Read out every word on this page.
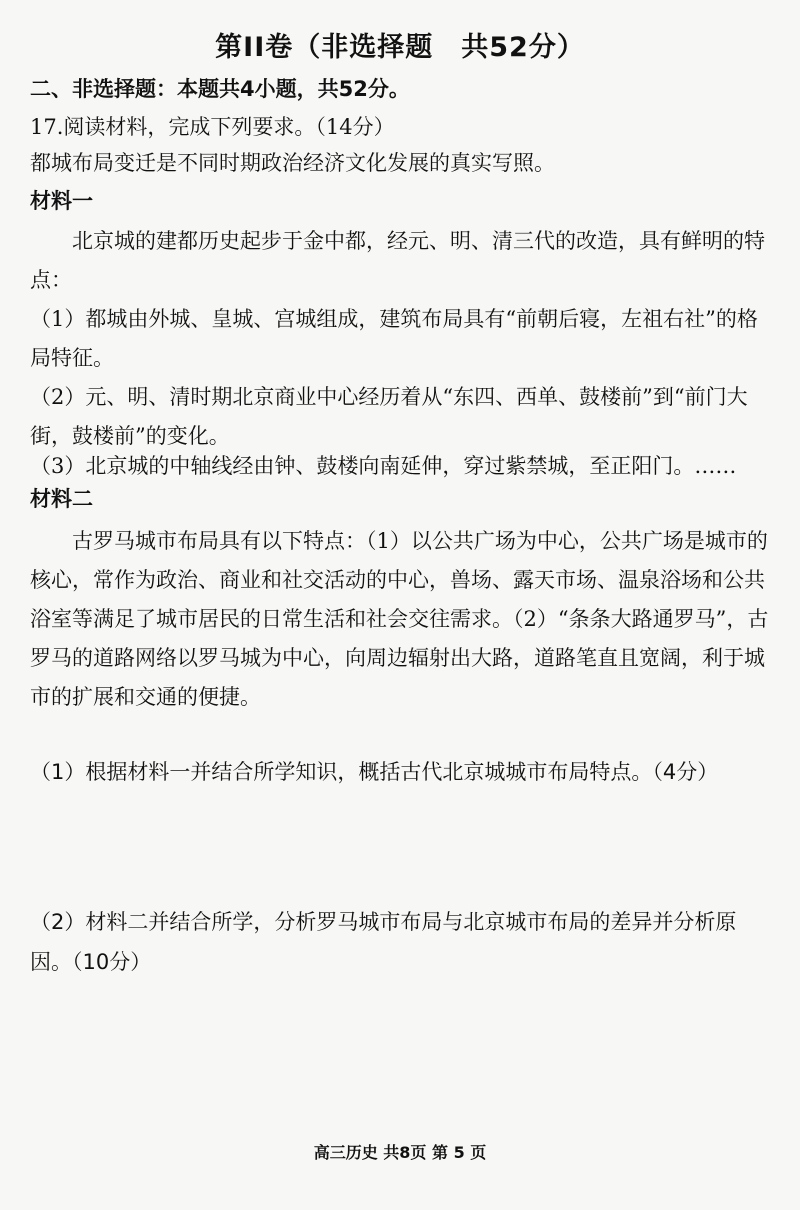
第II卷（非选择题　共52分）
二、非选择题：本题共4小题，共52分。
17.阅读材料，完成下列要求。（14分）
都城布局变迁是不同时期政治经济文化发展的真实写照。
材料一
北京城的建都历史起步于金中都，经元、明、清三代的改造，具有鲜明的特点：
（1）都城由外城、皇城、宫城组成，建筑布局具有“前朝后寝，左祖右社”的格局特征。
（2）元、明、清时期北京商业中心经历着从“东四、西单、鼓楼前”到“前门大街，鼓楼前”的变化。
（3）北京城的中轴线经由钟、鼓楼向南延伸，穿过紫禁城，至正阳门。……
材料二
古罗马城市布局具有以下特点：（1）以公共广场为中心，公共广场是城市的核心，常作为政治、商业和社交活动的中心，兽场、露天市场、温泉浴场和公共浴室等满足了城市居民的日常生活和社会交往需求。（2）“条条大路通罗马”，古罗马的道路网络以罗马城为中心，向周边辐射出大路，道路笔直且宽阔，利于城市的扩展和交通的便捷。
（1）根据材料一并结合所学知识，概括古代北京城城市布局特点。（4分）
（2）材料二并结合所学，分析罗马城市布局与北京城市布局的差异并分析原因。（10分）
高三历史 共8页 第 5 页
